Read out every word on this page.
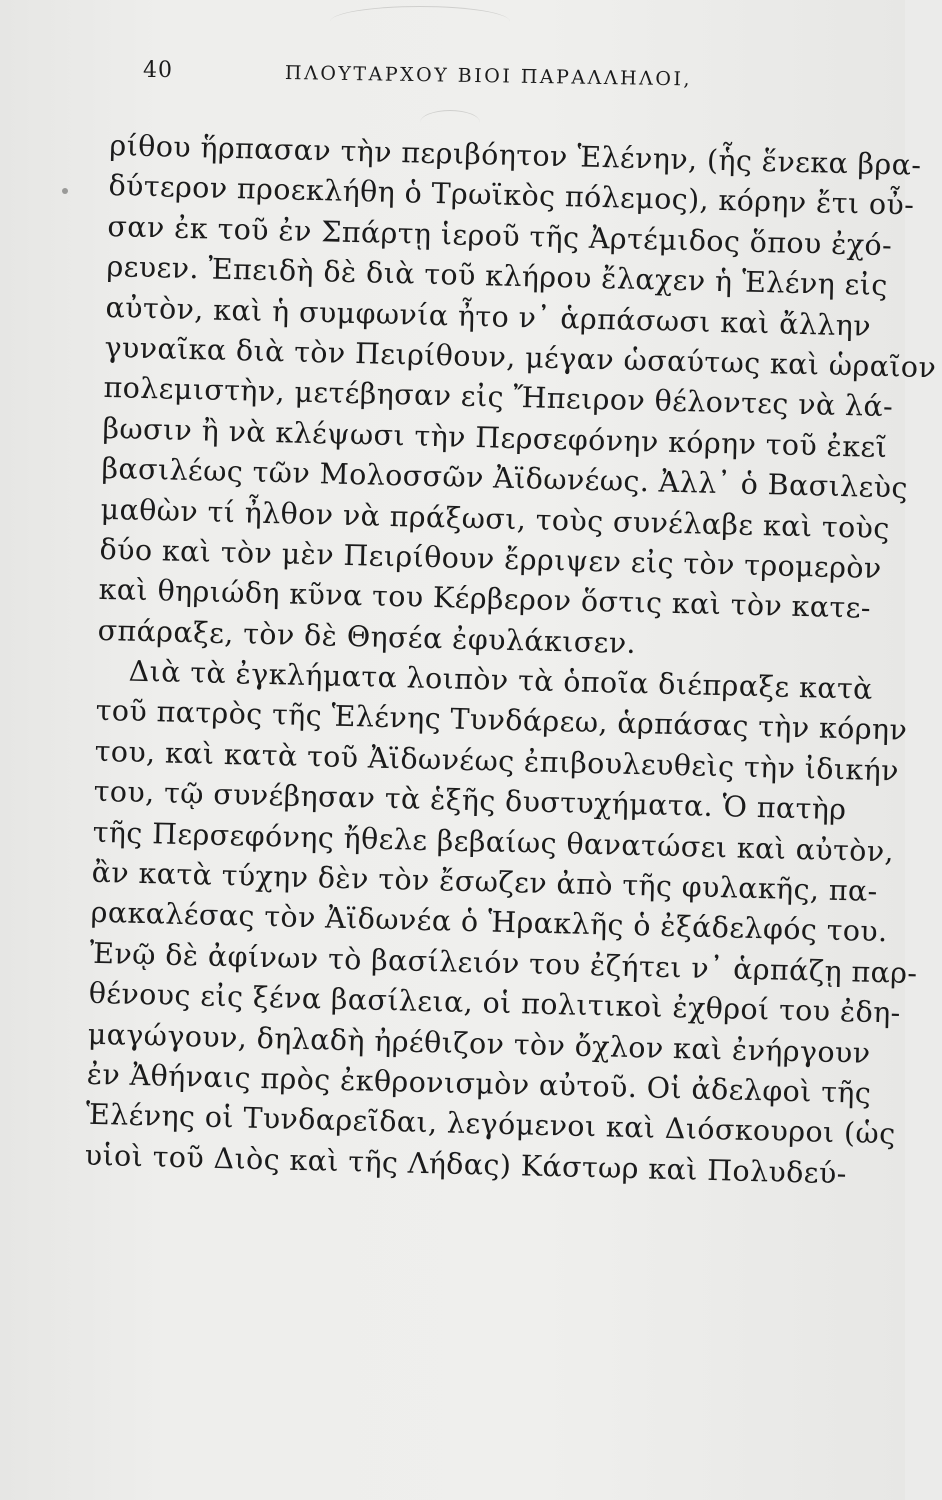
40	ΠΛΟΥΤΑΡΧΟΥ ΒΙΟΙ ΠΑΡΑΛΛΗΛΟΙ,
ρίθου ἥρπασαν τὴν περιβόητον Ἑλένην, (ἧς ἕνεκα βρα-
δύτερον προεκλήθη ὁ Τρωϊκὸς πόλεμος), κόρην ἔτι οὖ-
σαν ἐκ τοῦ ἐν Σπάρτῃ ἱεροῦ τῆς Ἀρτέμιδος ὅπου ἐχό-
ρευεν. Ἐπειδὴ δὲ διὰ τοῦ κλήρου ἔλαχεν ἡ Ἑλένη εἰς
αὐτὸν, καὶ ἡ συμφωνία ἦτο ν᾽ ἁρπάσωσι καὶ ἄλλην
γυναῖκα διὰ τὸν Πειρίθουν, μέγαν ὡσαύτως καὶ ὡραῖον
πολεμιστὴν, μετέβησαν εἰς Ἤπειρον θέλοντες νὰ λά-
βωσιν ἢ νὰ κλέψωσι τὴν Περσεφόνην κόρην τοῦ ἐκεῖ
βασιλέως τῶν Μολοσσῶν Ἀϊδωνέως. Ἀλλ᾽ ὁ Βασιλεὺς
μαθὼν τί ἦλθον νὰ πράξωσι, τοὺς συνέλαβε καὶ τοὺς
δύο καὶ τὸν μὲν Πειρίθουν ἔρριψεν εἰς τὸν τρομερὸν
καὶ θηριώδη κῦνα του Κέρβερον ὅστις καὶ τὸν κατε-
σπάραξε, τὸν δὲ Θησέα ἐφυλάκισεν.
Διὰ τὰ ἐγκλήματα λοιπὸν τὰ ὁποῖα διέπραξε κατὰ
τοῦ πατρὸς τῆς Ἑλένης Τυνδάρεω, ἁρπάσας τὴν κόρην
του, καὶ κατὰ τοῦ Ἀϊδωνέως ἐπιβουλευθεὶς τὴν ἰδικήν
του, τῷ συνέβησαν τὰ ἑξῆς δυστυχήματα. Ὁ πατὴρ
τῆς Περσεφόνης ἤθελε βεβαίως θανατώσει καὶ αὐτὸν,
ἂν κατὰ τύχην δὲν τὸν ἔσωζεν ἀπὸ τῆς φυλακῆς, πα-
ρακαλέσας τὸν Ἀϊδωνέα ὁ Ἡρακλῆς ὁ ἐξάδελφός του.
Ἐνῷ δὲ ἀφίνων τὸ βασίλειόν του ἐζήτει ν᾽ ἁρπάζῃ παρ-
θένους εἰς ξένα βασίλεια, οἱ πολιτικοὶ ἐχθροί του ἐδη-
μαγώγουν, δηλαδὴ ἠρέθιζον τὸν ὄχλον καὶ ἐνήργουν
ἐν Ἀθήναις πρὸς ἐκθρονισμὸν αὐτοῦ. Οἱ ἀδελφοὶ τῆς
Ἑλένης οἱ Τυνδαρεῖδαι, λεγόμενοι καὶ Διόσκουροι (ὡς
υἱοὶ τοῦ Διὸς καὶ τῆς Λήδας) Κάστωρ καὶ Πολυδεύ-
